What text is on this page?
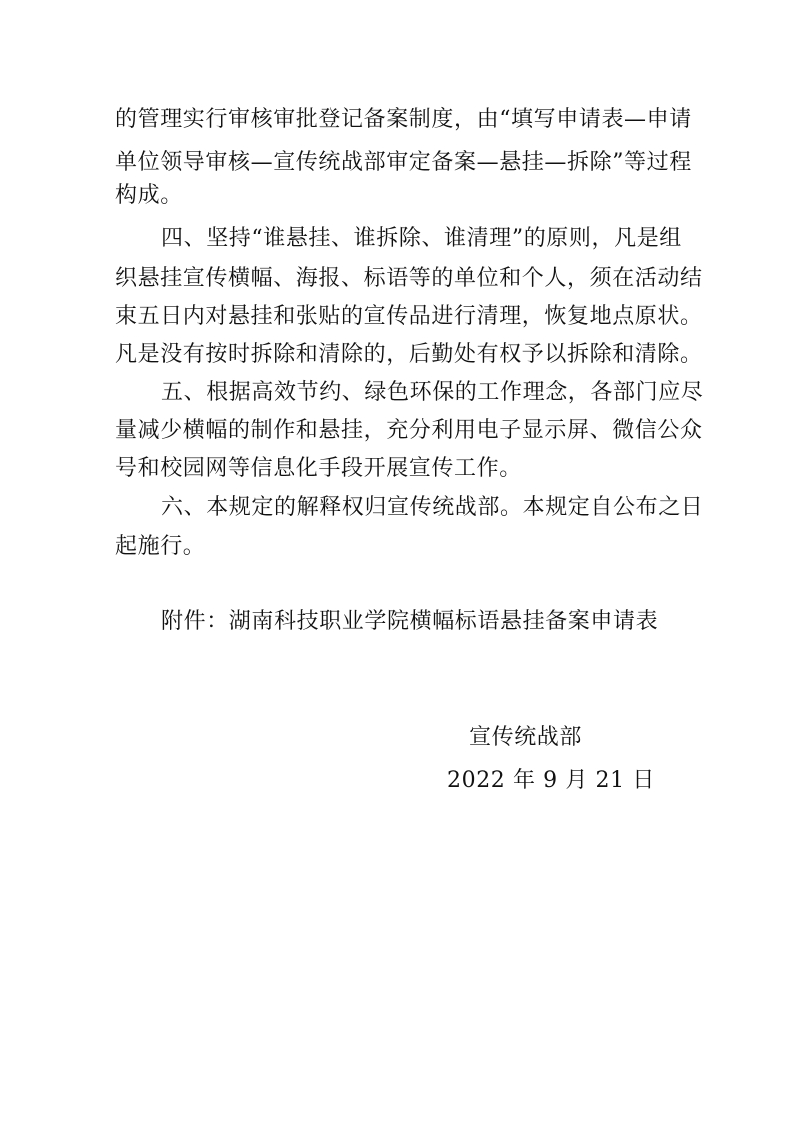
的管理实行审核审批登记备案制度，由“填写申请表—申请

单位领导审核—宣传统战部审定备案—悬挂—拆除”等过程

构成。

四、坚持“谁悬挂、谁拆除、谁清理”的原则，凡是组

织悬挂宣传横幅、海报、标语等的单位和个人，须在活动结

束五日内对悬挂和张贴的宣传品进行清理，恢复地点原状。

凡是没有按时拆除和清除的，后勤处有权予以拆除和清除。

五、根据高效节约、绿色环保的工作理念，各部门应尽

量减少横幅的制作和悬挂，充分利用电子显示屏、微信公众

号和校园网等信息化手段开展宣传工作。

六、本规定的解释权归宣传统战部。本规定自公布之日

起施行。

附件：湖南科技职业学院横幅标语悬挂备案申请表

宣传统战部
2022 年 9 月 21 日
